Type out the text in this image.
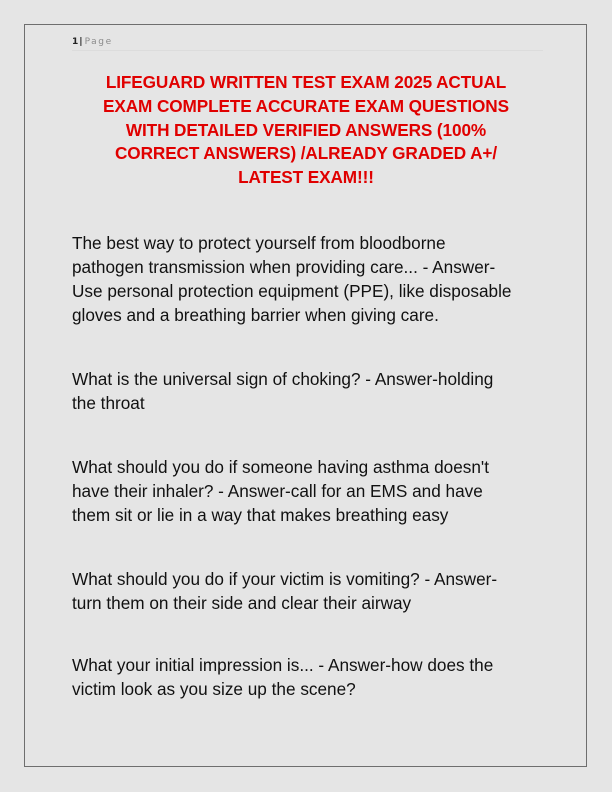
1| Page
LIFEGUARD WRITTEN TEST EXAM 2025 ACTUAL
EXAM COMPLETE ACCURATE EXAM QUESTIONS
WITH DETAILED VERIFIED ANSWERS (100%
CORRECT ANSWERS) /ALREADY GRADED A+/
LATEST EXAM!!!
The best way to protect yourself from bloodborne
pathogen transmission when providing care... - Answer-
Use personal protection equipment (PPE), like disposable
gloves and a breathing barrier when giving care.
What is the universal sign of choking? - Answer-holding
the throat
What should you do if someone having asthma doesn't
have their inhaler? - Answer-call for an EMS and have
them sit or lie in a way that makes breathing easy
What should you do if your victim is vomiting? - Answer-
turn them on their side and clear their airway
What your initial impression is... - Answer-how does the
victim look as you size up the scene?
